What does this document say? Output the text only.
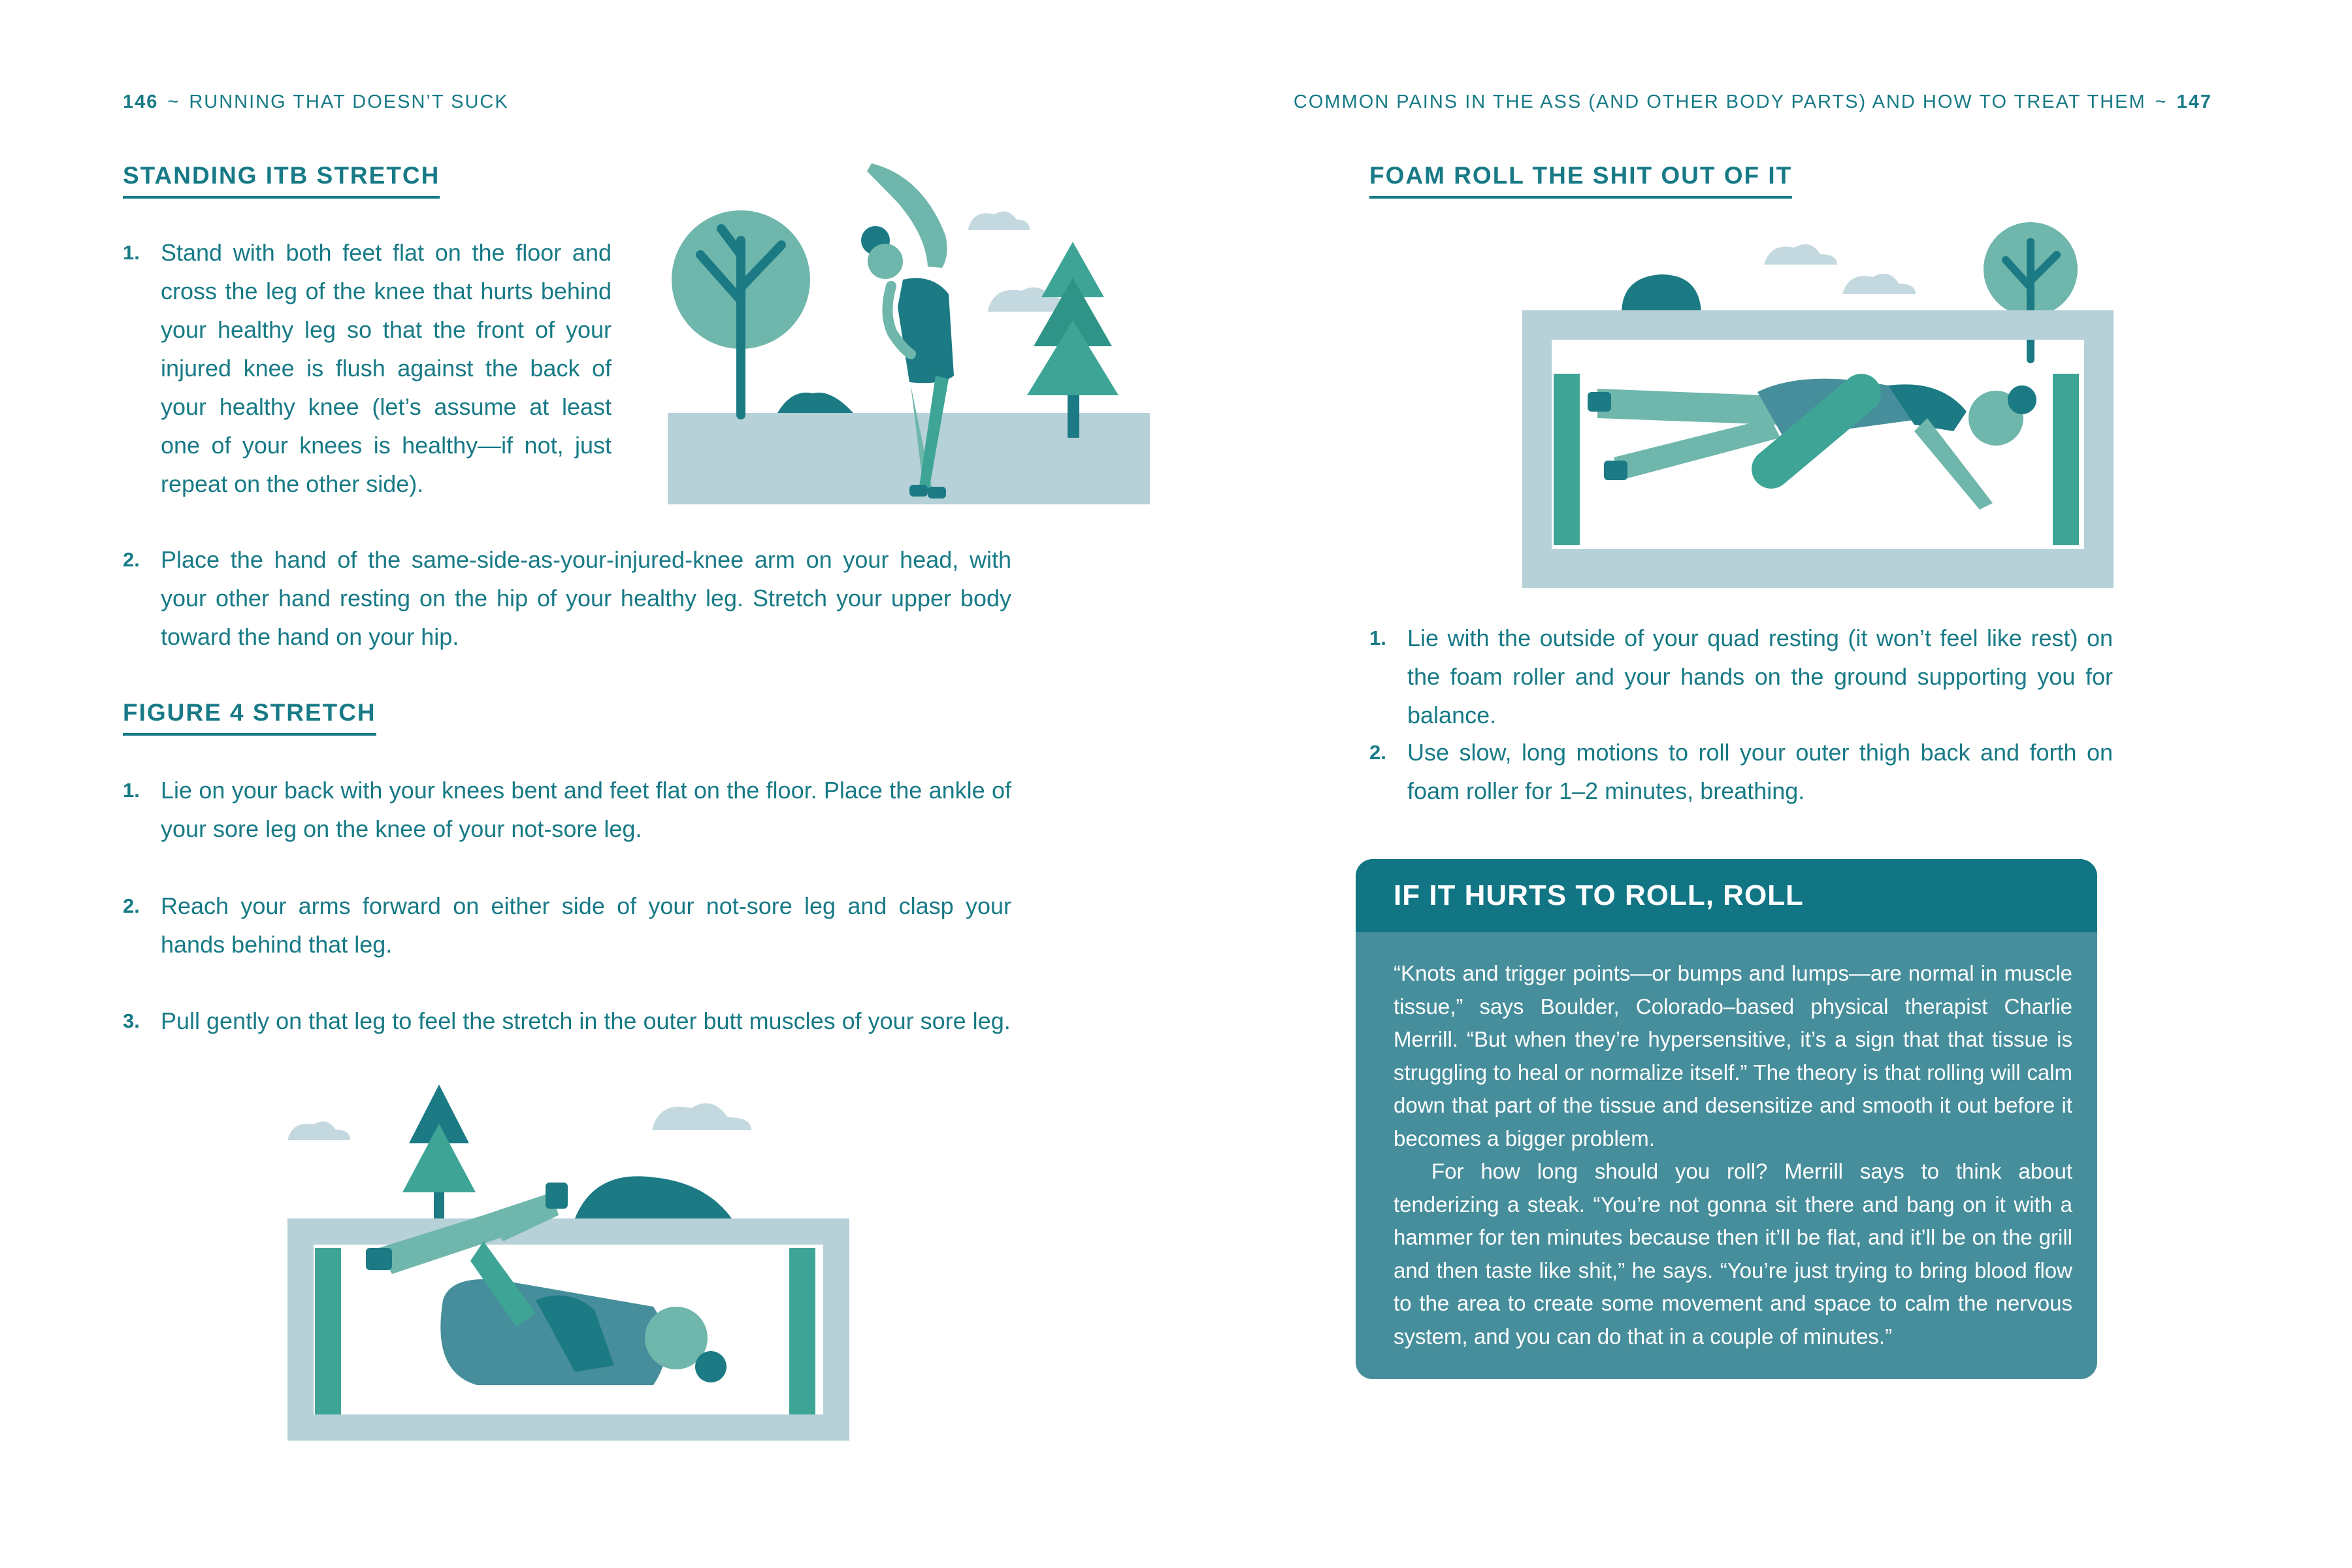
146 ~ RUNNING THAT DOESN’T SUCK
STANDING ITB STRETCH
1. Stand with both feet flat on the floor and cross the leg of the knee that hurts behind your healthy leg so that the front of your injured knee is flush against the back of your healthy knee (let’s assume at least one of your knees is healthy—if not, just repeat on the other side).
2. Place the hand of the same-side-as-your-injured-knee arm on your head, with your other hand resting on the hip of your healthy leg. Stretch your upper body toward the hand on your hip.
FIGURE 4 STRETCH
1. Lie on your back with your knees bent and feet flat on the floor. Place the ankle of your sore leg on the knee of your not-sore leg.
2. Reach your arms forward on either side of your not-sore leg and clasp your hands behind that leg.
3. Pull gently on that leg to feel the stretch in the outer butt muscles of your sore leg.
COMMON PAINS IN THE ASS (AND OTHER BODY PARTS) AND HOW TO TREAT THEM ~ 147
FOAM ROLL THE SHIT OUT OF IT
1. Lie with the outside of your quad resting (it won’t feel like rest) on the foam roller and your hands on the ground supporting you for balance.
2. Use slow, long motions to roll your outer thigh back and forth on foam roller for 1–2 minutes, breathing.
IF IT HURTS TO ROLL, ROLL

“Knots and trigger points—or bumps and lumps—are normal in muscle tissue,” says Boulder, Colorado–based physical therapist Charlie Merrill. “But when they’re hypersensitive, it’s a sign that that tissue is struggling to heal or normalize itself.” The theory is that rolling will calm down that part of the tissue and desensitize and smooth it out before it becomes a bigger problem.

For how long should you roll? Merrill says to think about tenderizing a steak. “You’re not gonna sit there and bang on it with a hammer for ten minutes because then it’ll be flat, and it’ll be on the grill and then taste like shit,” he says. “You’re just trying to bring blood flow to the area to create some movement and space to calm the nervous system, and you can do that in a couple of minutes.”
